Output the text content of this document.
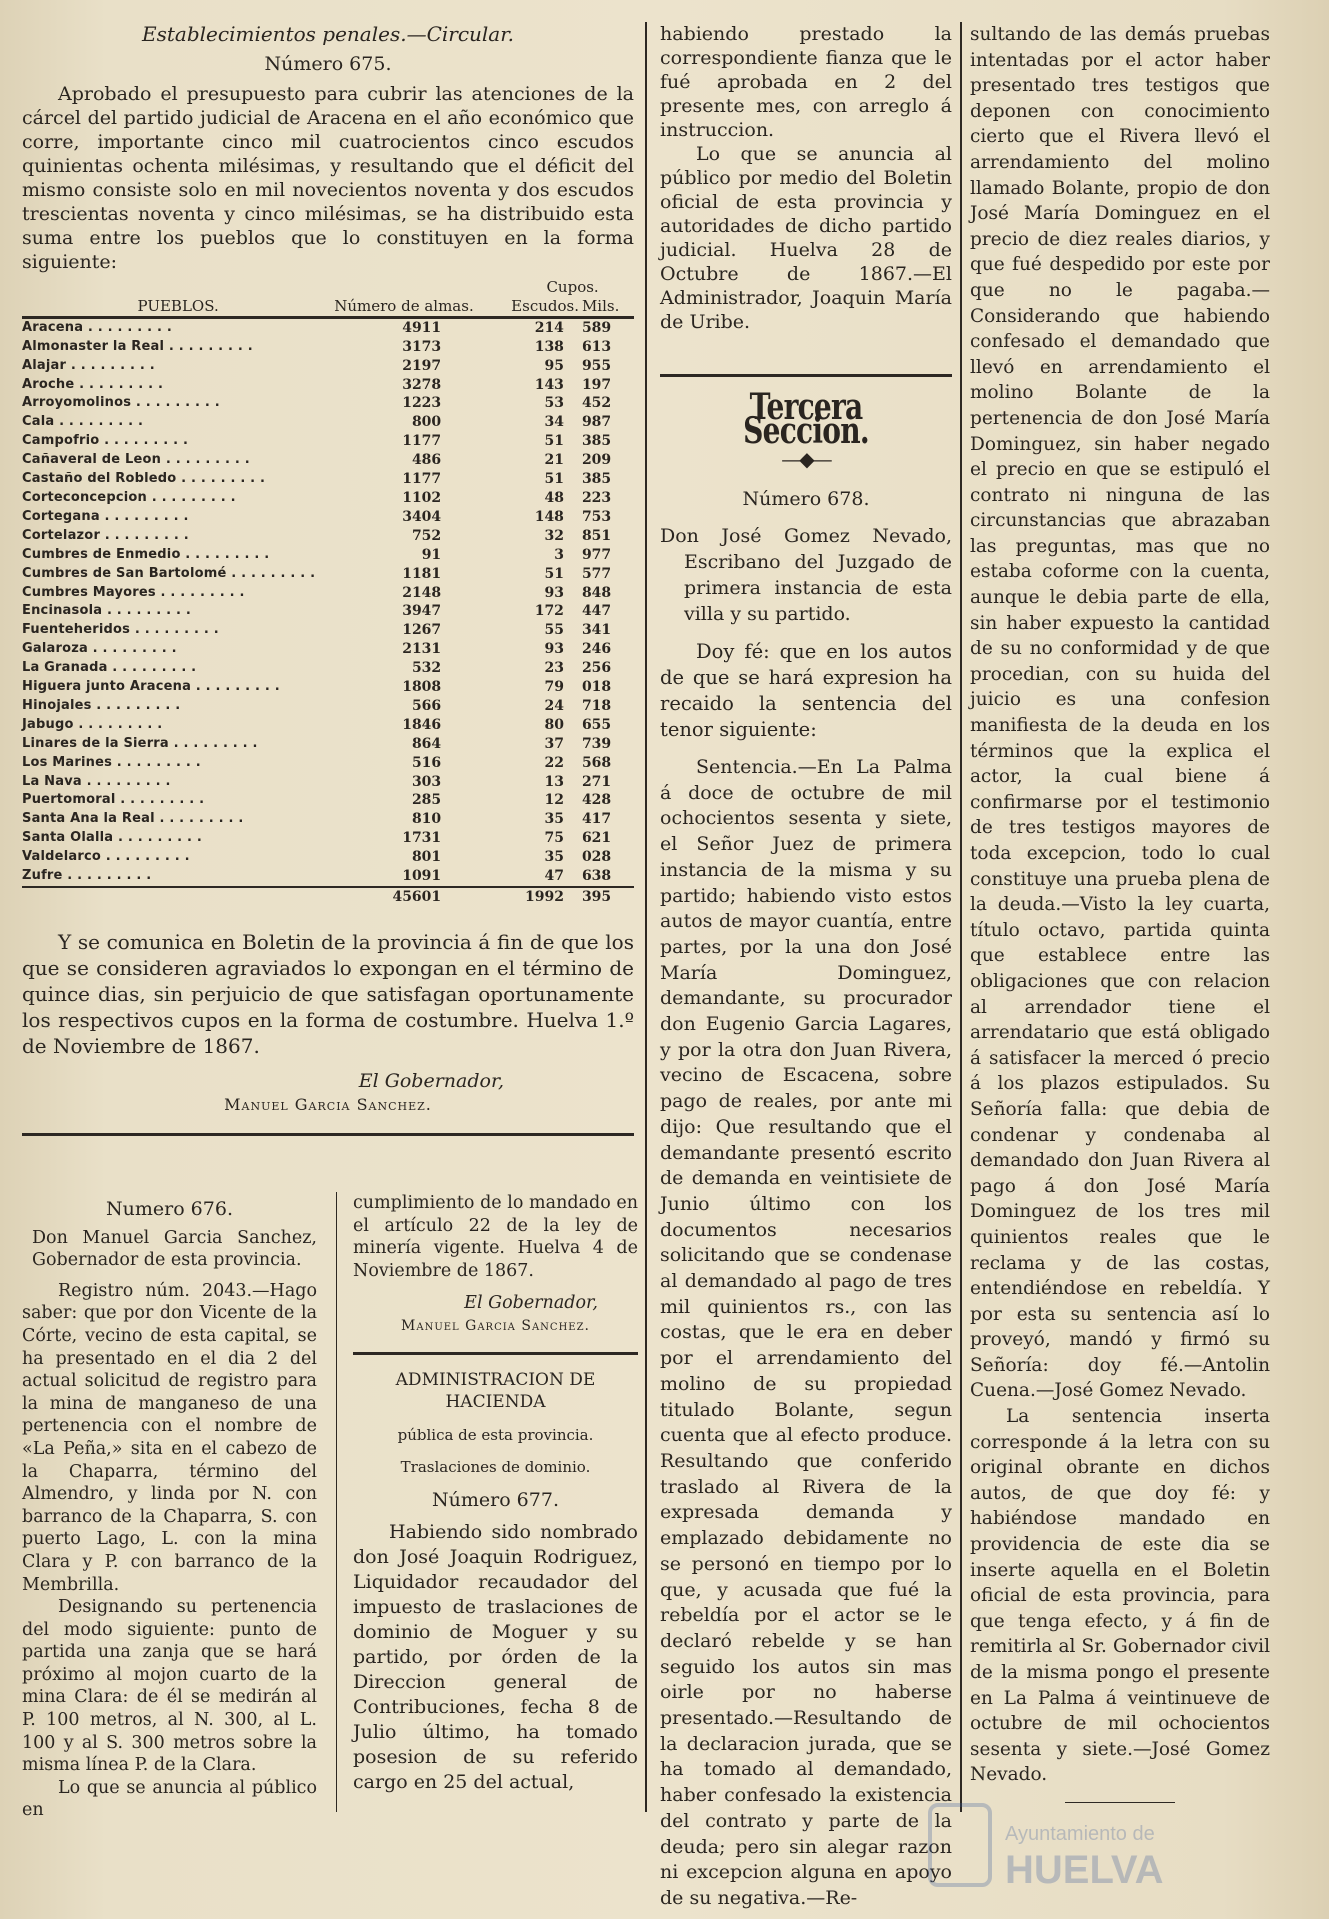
Establecimientos penales.—Circular.

Número 675.

Aprobado el presupuesto para cubrir las atenciones de la cárcel del partido judicial de Aracena en el año económico que corre, importante cinco mil cuatrocientos cinco escudos quinientas ochenta milésimas, y resultando que el déficit del mismo consiste solo en mil novecientos noventa y dos escudos trescientas noventa y cinco milésimas, se ha distribuido esta suma entre los pueblos que lo constituyen en la forma siguiente:

		Cupos.	
PUEBLOS.	Número de almas.	Escudos.	Mils.
Aracena . . . . . . . . .	4911	214	589
Almonaster la Real . . . . . . . . .	3173	138	613
Alajar . . . . . . . . .	2197	95	955
Aroche . . . . . . . . .	3278	143	197
Arroyomolinos . . . . . . . . .	1223	53	452
Cala . . . . . . . . .	800	34	987
Campofrio . . . . . . . . .	1177	51	385
Cañaveral de Leon . . . . . . . . .	486	21	209
Castaño del Robledo . . . . . . . . .	1177	51	385
Corteconcepcion . . . . . . . . .	1102	48	223
Cortegana . . . . . . . . .	3404	148	753
Cortelazor . . . . . . . . .	752	32	851
Cumbres de Enmedio . . . . . . . . .	91	3	977
Cumbres de San Bartolomé . . . . . . . . .	1181	51	577
Cumbres Mayores . . . . . . . . .	2148	93	848
Encinasola . . . . . . . . .	3947	172	447
Fuenteheridos . . . . . . . . .	1267	55	341
Galaroza . . . . . . . . .	2131	93	246
La Granada . . . . . . . . .	532	23	256
Higuera junto Aracena . . . . . . . . .	1808	79	018
Hinojales . . . . . . . . .	566	24	718
Jabugo . . . . . . . . .	1846	80	655
Linares de la Sierra . . . . . . . . .	864	37	739
Los Marines . . . . . . . . .	516	22	568
La Nava . . . . . . . . .	303	13	271
Puertomoral . . . . . . . . .	285	12	428
Santa Ana la Real . . . . . . . . .	810	35	417
Santa Olalla . . . . . . . . .	1731	75	621
Valdelarco . . . . . . . . .	801	35	028
Zufre . . . . . . . . .	1091	47	638
	45601	1992	395

Y se comunica en Boletin de la provincia á fin de que los que se consideren agraviados lo expongan en el término de quince dias, sin perjuicio de que satisfagan oportunamente los respectivos cupos en la forma de costumbre. Huelva 1.º de Noviembre de 1867.

El Gobernador,

Manuel Garcia Sanchez.

Numero 676.

Don Manuel Garcia Sanchez, Gobernador de esta provincia.

Registro núm. 2043.—Hago saber: que por don Vicente de la Córte, vecino de esta capital, se ha presentado en el dia 2 del actual solicitud de registro para la mina de manganeso de una pertenencia con el nombre de «La Peña,» sita en el cabezo de la Chaparra, término del Almendro, y linda por N. con barranco de la Chaparra, S. con puerto Lago, L. con la mina Clara y P. con barranco de la Membrilla.

Designando su pertenencia del modo siguiente: punto de partida una zanja que se hará próximo al mojon cuarto de la mina Clara: de él se medirán al P. 100 metros, al N. 300, al L. 100 y al S. 300 metros sobre la misma línea P. de la Clara.

Lo que se anuncia al público en

cumplimiento de lo mandado en el artículo 22 de la ley de minería vigente. Huelva 4 de Noviembre de 1867.

El Gobernador,

Manuel Garcia Sanchez.

ADMINISTRACION DE HACIENDA

pública de esta provincia.

Traslaciones de dominio.

Número 677.

Habiendo sido nombrado don José Joaquin Rodriguez, Liquidador recaudador del impuesto de traslaciones de dominio de Moguer y su partido, por órden de la Direccion general de Contribuciones, fecha 8 de Julio último, ha tomado posesion de su referido cargo en 25 del actual,

habiendo prestado la correspondiente fianza que le fué aprobada en 2 del presente mes, con arreglo á instruccion.

Lo que se anuncia al público por medio del Boletin oficial de esta provincia y autoridades de dicho partido judicial. Huelva 28 de Octubre de 1867.—El Administrador, Joaquin María de Uribe.

Tercera Seccion.
—◆—

Número 678.

Don José Gomez Nevado, Escribano del Juzgado de primera instancia de esta villa y su partido.

Doy fé: que en los autos de que se hará expresion ha recaido la sentencia del tenor siguiente:

Sentencia.—En La Palma á doce de octubre de mil ochocientos sesenta y siete, el Señor Juez de primera instancia de la misma y su partido; habiendo visto estos autos de mayor cuantía, entre partes, por la una don José María Dominguez, demandante, su procurador don Eugenio Garcia Lagares, y por la otra don Juan Rivera, vecino de Escacena, sobre pago de reales, por ante mi dijo: Que resultando que el demandante presentó escrito de demanda en veintisiete de Junio último con los documentos necesarios solicitando que se condenase al demandado al pago de tres mil quinientos rs., con las costas, que le era en deber por el arrendamiento del molino de su propiedad titulado Bolante, segun cuenta que al efecto produce. Resultando que conferido traslado al Rivera de la expresada demanda y emplazado debidamente no se personó en tiempo por lo que, y acusada que fué la rebeldía por el actor se le declaró rebelde y se han seguido los autos sin mas oirle por no haberse presentado.—Resultando de la declaracion jurada, que se ha tomado al demandado, haber confesado la existencia del contrato y parte de la deuda; pero sin alegar razon ni excepcion alguna en apoyo de su negativa.—Re-

sultando de las demás pruebas intentadas por el actor haber presentado tres testigos que deponen con conocimiento cierto que el Rivera llevó el arrendamiento del molino llamado Bolante, propio de don José María Dominguez en el precio de diez reales diarios, y que fué despedido por este por que no le pagaba.—Considerando que habiendo confesado el demandado que llevó en arrendamiento el molino Bolante de la pertenencia de don José María Dominguez, sin haber negado el precio en que se estipuló el contrato ni ninguna de las circunstancias que abrazaban las preguntas, mas que no estaba coforme con la cuenta, aunque le debia parte de ella, sin haber expuesto la cantidad de su no conformidad y de que procedian, con su huida del juicio es una confesion manifiesta de la deuda en los términos que la explica el actor, la cual biene á confirmarse por el testimonio de tres testigos mayores de toda excepcion, todo lo cual constituye una prueba plena de la deuda.—Visto la ley cuarta, título octavo, partida quinta que establece entre las obligaciones que con relacion al arrendador tiene el arrendatario que está obligado á satisfacer la merced ó precio á los plazos estipulados. Su Señoría falla: que debia de condenar y condenaba al demandado don Juan Rivera al pago á don José María Dominguez de los tres mil quinientos reales que le reclama y de las costas, entendiéndose en rebeldía. Y por esta su sentencia así lo proveyó, mandó y firmó su Señoría: doy fé.—Antolin Cuena.—José Gomez Nevado.

La sentencia inserta corresponde á la letra con su original obrante en dichos autos, de que doy fé: y habiéndose mandado en providencia de este dia se inserte aquella en el Boletin oficial de esta provincia, para que tenga efecto, y á fin de remitirla al Sr. Gobernador civil de la misma pongo el presente en La Palma á veintinueve de octubre de mil ochocientos sesenta y siete.—José Gomez Nevado.

Ayuntamiento de
HUELVA
